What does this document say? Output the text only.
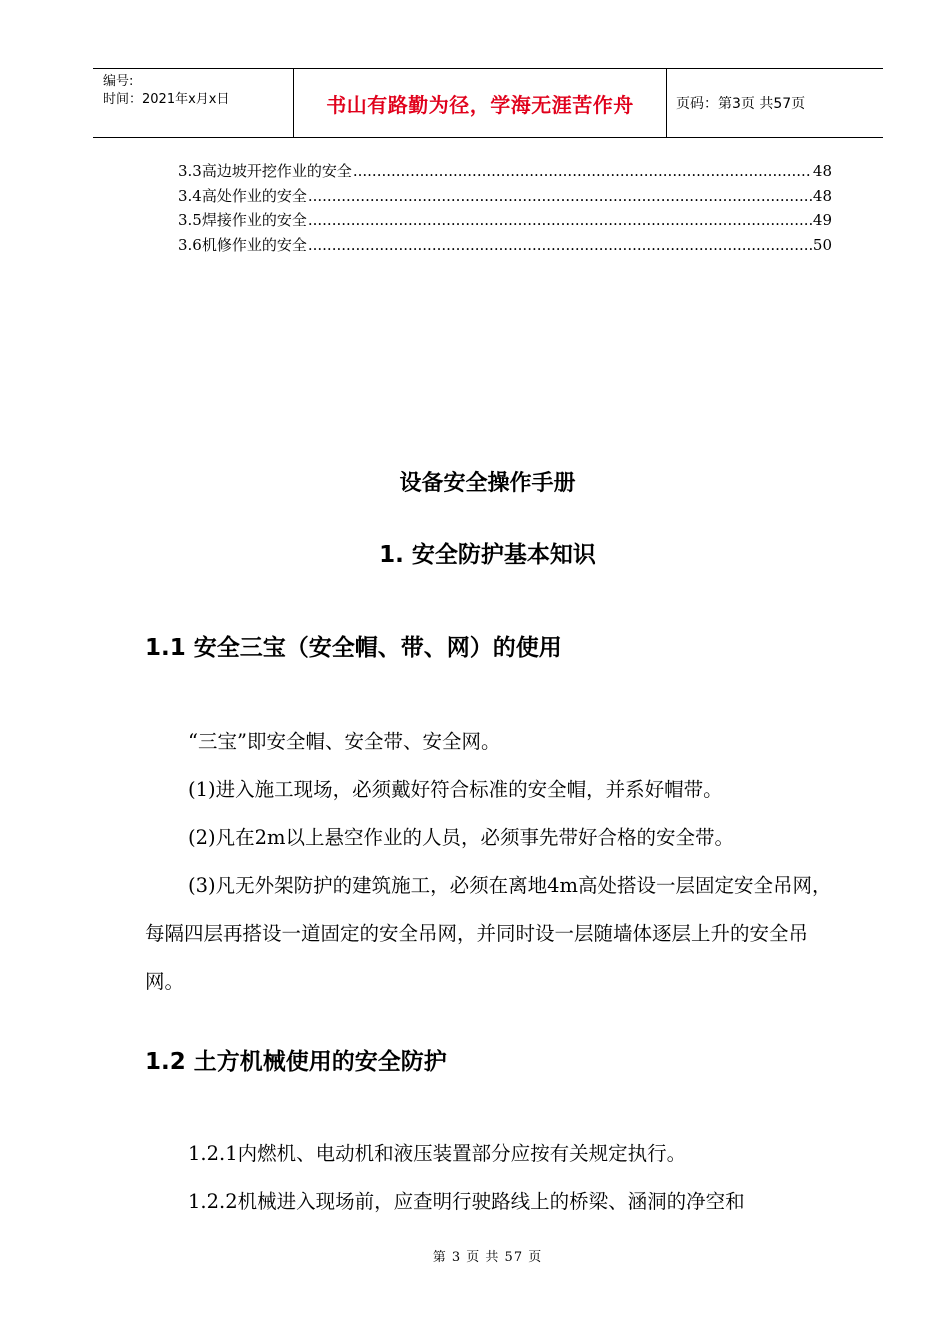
编号:
时间：2021年x月x日	书山有路勤为径，学海无涯苦作舟	页码：第3页 共57页
3.3高边坡开挖作业的安全 .....	48
3.4高处作业的安全 .....	48
3.5焊接作业的安全 .....	49
3.6机修作业的安全 .....	50
设备安全操作手册
1. 安全防护基本知识
1.1 安全三宝（安全帽、带、网）的使用
“三宝”即安全帽、安全带、安全网。
(1)进入施工现场，必须戴好符合标准的安全帽，并系好帽带。
(2)凡在2m以上悬空作业的人员，必须事先带好合格的安全带。
(3)凡无外架防护的建筑施工，必须在离地4m高处搭设一层固定安全吊网，每隔四层再搭设一道固定的安全吊网，并同时设一层随墙体逐层上升的安全吊网。
1.2 土方机械使用的安全防护
1.2.1内燃机、电动机和液压装置部分应按有关规定执行。
1.2.2机械进入现场前，应查明行驶路线上的桥梁、涵洞的净空和
第 3 页 共 57 页
